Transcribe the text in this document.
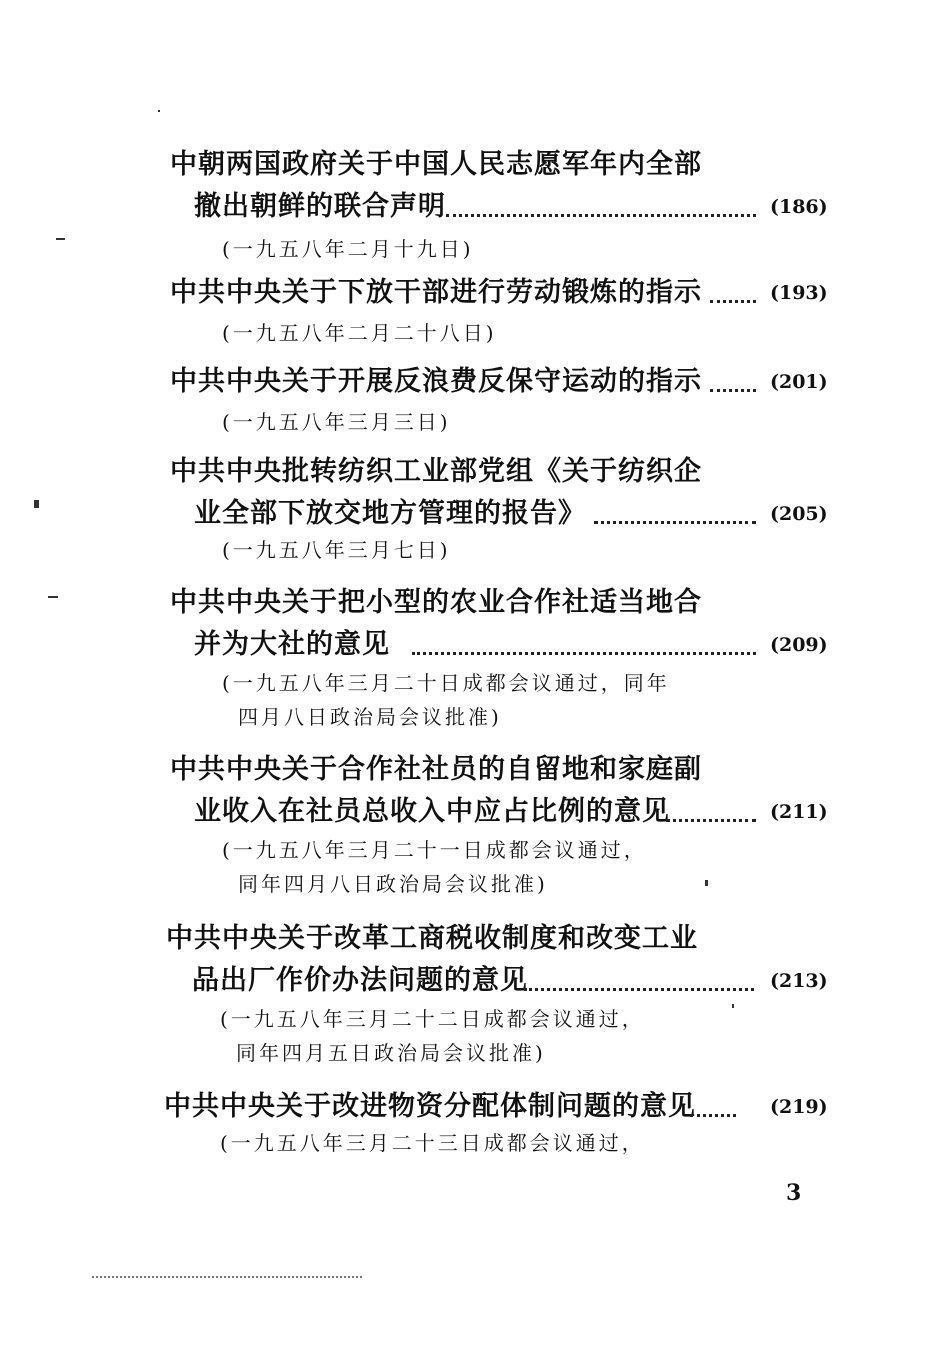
中朝两国政府关于中国人民志愿军年内全部
撤出朝鲜的联合声明	(186)
(一九五八年二月十九日)
中共中央关于下放干部进行劳动锻炼的指示	(193)
(一九五八年二月二十八日)
中共中央关于开展反浪费反保守运动的指示	(201)
(一九五八年三月三日)
中共中央批转纺织工业部党组《关于纺织企
业全部下放交地方管理的报告》	(205)
(一九五八年三月七日)
中共中央关于把小型的农业合作社适当地合
并为大社的意见	(209)
(一九五八年三月二十日成都会议通过，同年
四月八日政治局会议批准)
中共中央关于合作社社员的自留地和家庭副
业收入在社员总收入中应占比例的意见	(211)
(一九五八年三月二十一日成都会议通过，
同年四月八日政治局会议批准)
中共中央关于改革工商税收制度和改变工业
品出厂作价办法问题的意见	(213)
(一九五八年三月二十二日成都会议通过，
同年四月五日政治局会议批准)
中共中央关于改进物资分配体制问题的意见	(219)
(一九五八年三月二十三日成都会议通过，
3
